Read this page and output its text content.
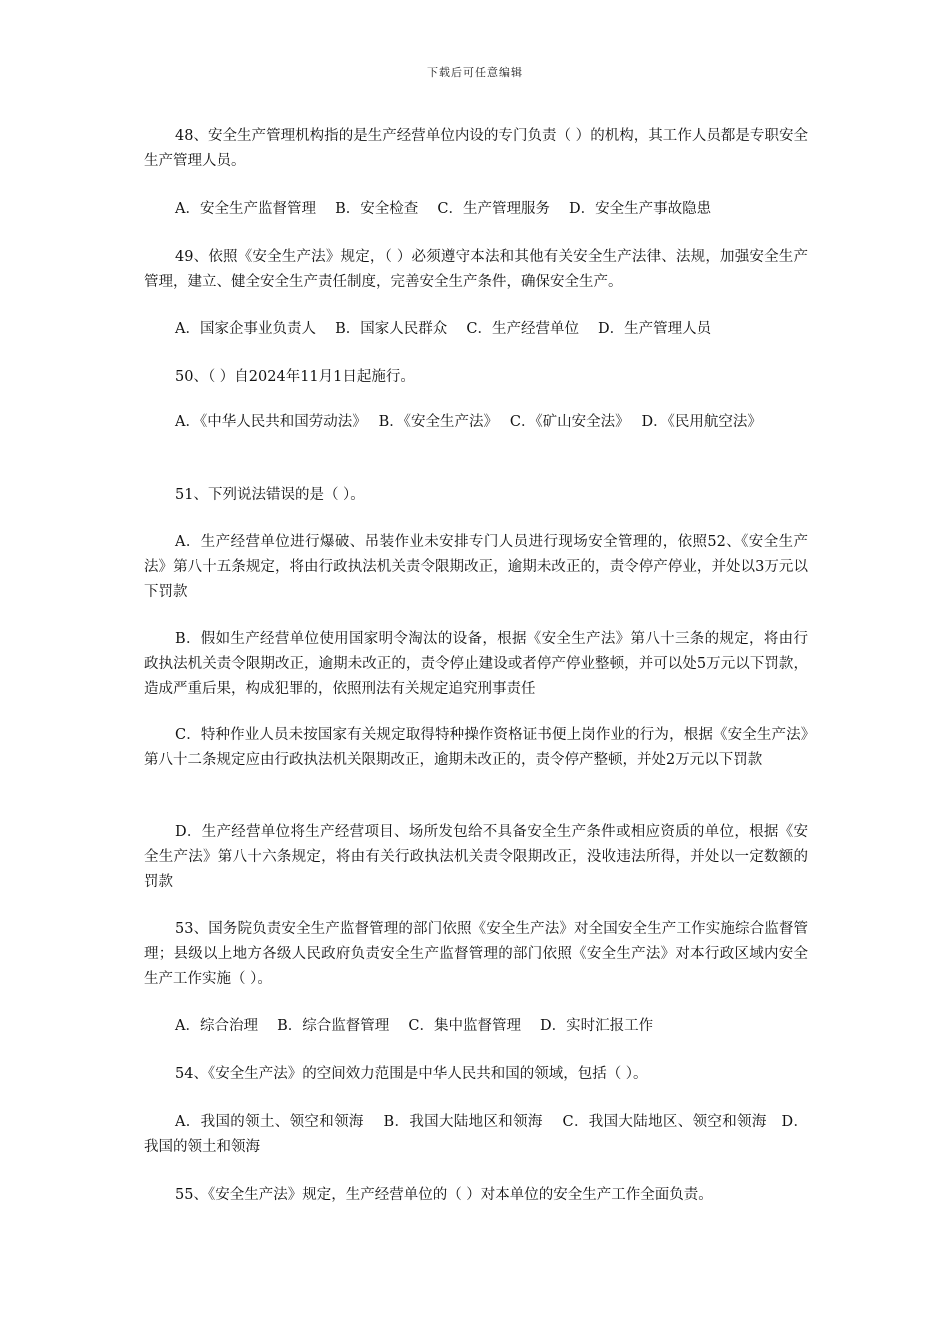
下载后可任意编辑

48、安全生产管理机构指的是生产经营单位内设的专门负责（ ）的机构，其工作人员都是专职安全生产管理人员。

A．安全生产监督管理　 B．安全检查　 C．生产管理服务　 D．安全生产事故隐患

49、依照《安全生产法》规定，（ ）必须遵守本法和其他有关安全生产法律、法规，加强安全生产管理，建立、健全安全生产责任制度，完善安全生产条件，确保安全生产。

A．国家企事业负责人　 B．国家人民群众　 C．生产经营单位　 D．生产管理人员

50、（ ）自2024年11月1日起施行。

A．《中华人民共和国劳动法》　 B．《安全生产法》　 C．《矿山安全法》　 D．《民用航空法》

51、下列说法错误的是（ ）。

A．生产经营单位进行爆破、吊装作业未安排专门人员进行现场安全管理的，依照52、《安全生产法》第八十五条规定，将由行政执法机关责令限期改正，逾期未改正的，责令停产停业，并处以3万元以下罚款

B．假如生产经营单位使用国家明令淘汰的设备，根据《安全生产法》第八十三条的规定，将由行政执法机关责令限期改正，逾期未改正的，责令停止建设或者停产停业整顿，并可以处5万元以下罚款，造成严重后果，构成犯罪的，依照刑法有关规定追究刑事责任

C．特种作业人员未按国家有关规定取得特种操作资格证书便上岗作业的行为，根据《安全生产法》第八十二条规定应由行政执法机关限期改正，逾期未改正的，责令停产整顿，并处2万元以下罚款

D．生产经营单位将生产经营项目、场所发包给不具备安全生产条件或相应资质的单位，根据《安全生产法》第八十六条规定，将由有关行政执法机关责令限期改正，没收违法所得，并处以一定数额的罚款

53、国务院负责安全生产监督管理的部门依照《安全生产法》对全国安全生产工作实施综合监督管理；县级以上地方各级人民政府负责安全生产监督管理的部门依照《安全生产法》对本行政区域内安全生产工作实施（ ）。

A．综合治理　 B．综合监督管理　 C．集中监督管理　 D．实时汇报工作

54、《安全生产法》的空间效力范围是中华人民共和国的领域，包括（ ）。

A．我国的领土、领空和领海　 B．我国大陆地区和领海　 C．我国大陆地区、领空和领海　D．我国的领土和领海

55、《安全生产法》规定，生产经营单位的（ ）对本单位的安全生产工作全面负责。
